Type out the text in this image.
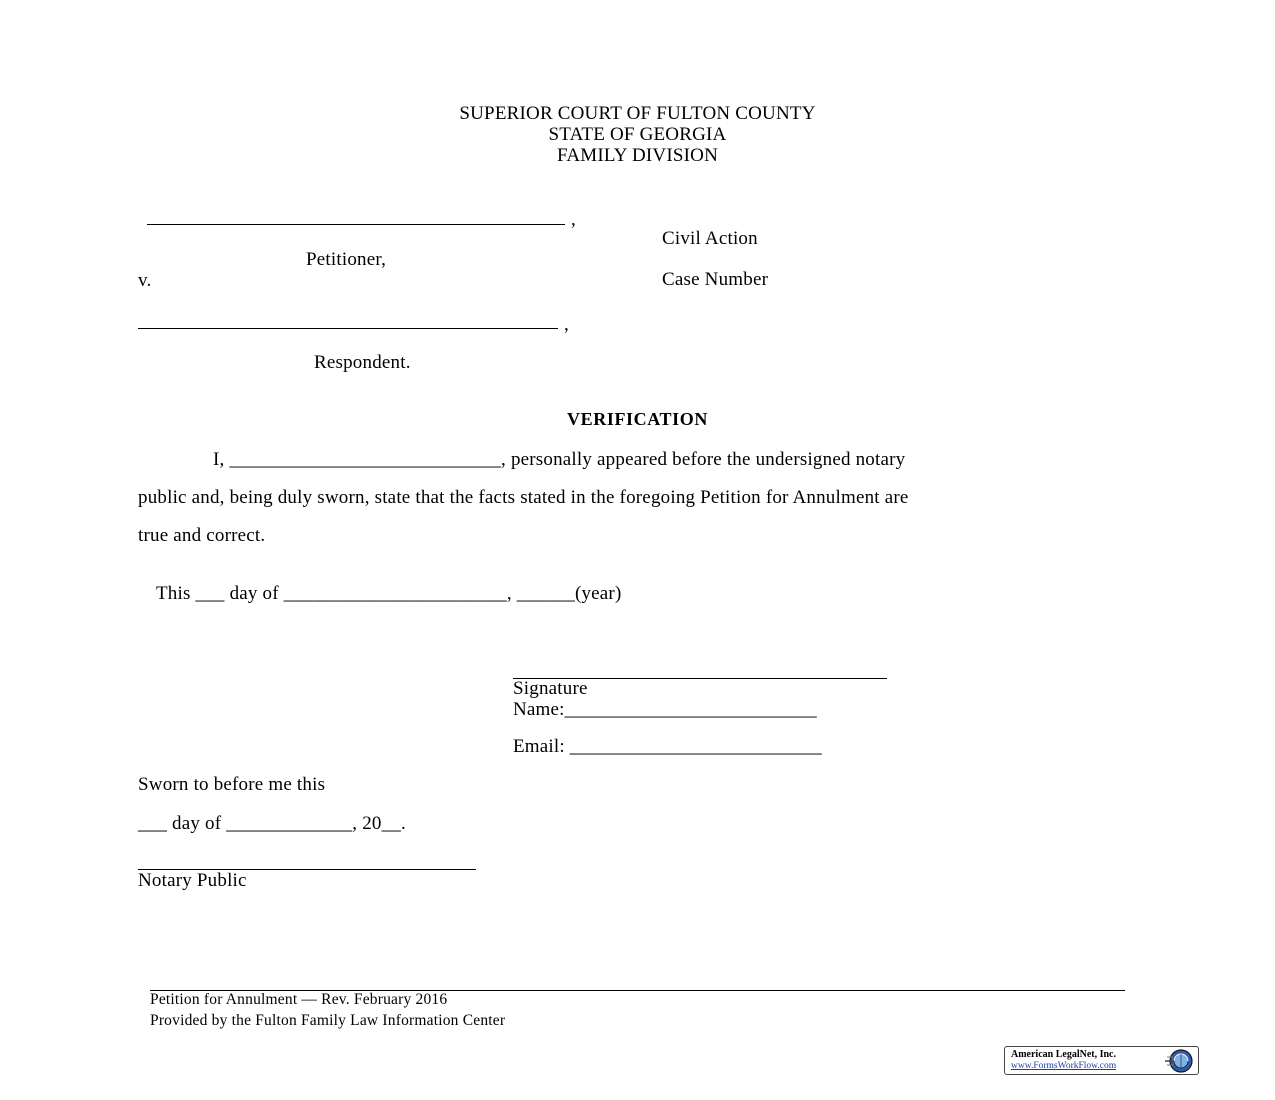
SUPERIOR COURT OF FULTON COUNTY
STATE OF GEORGIA
FAMILY DIVISION
,
Petitioner,
v.
Civil Action
Case Number
,
Respondent.
VERIFICATION
I, ____________________________, personally appeared before the undersigned notary
public and, being duly sworn, state that the facts stated in the foregoing Petition for Annulment are
true and correct.
This ___ day of _______________________, ______(year)
Signature
Name:__________________________
Email: __________________________
Sworn to before me this
___ day of _____________, 20__.
Notary Public
Petition for Annulment — Rev. February 2016
Provided by the Fulton Family Law Information Center
American LegalNet, Inc.
www.FormsWorkFlow.com
